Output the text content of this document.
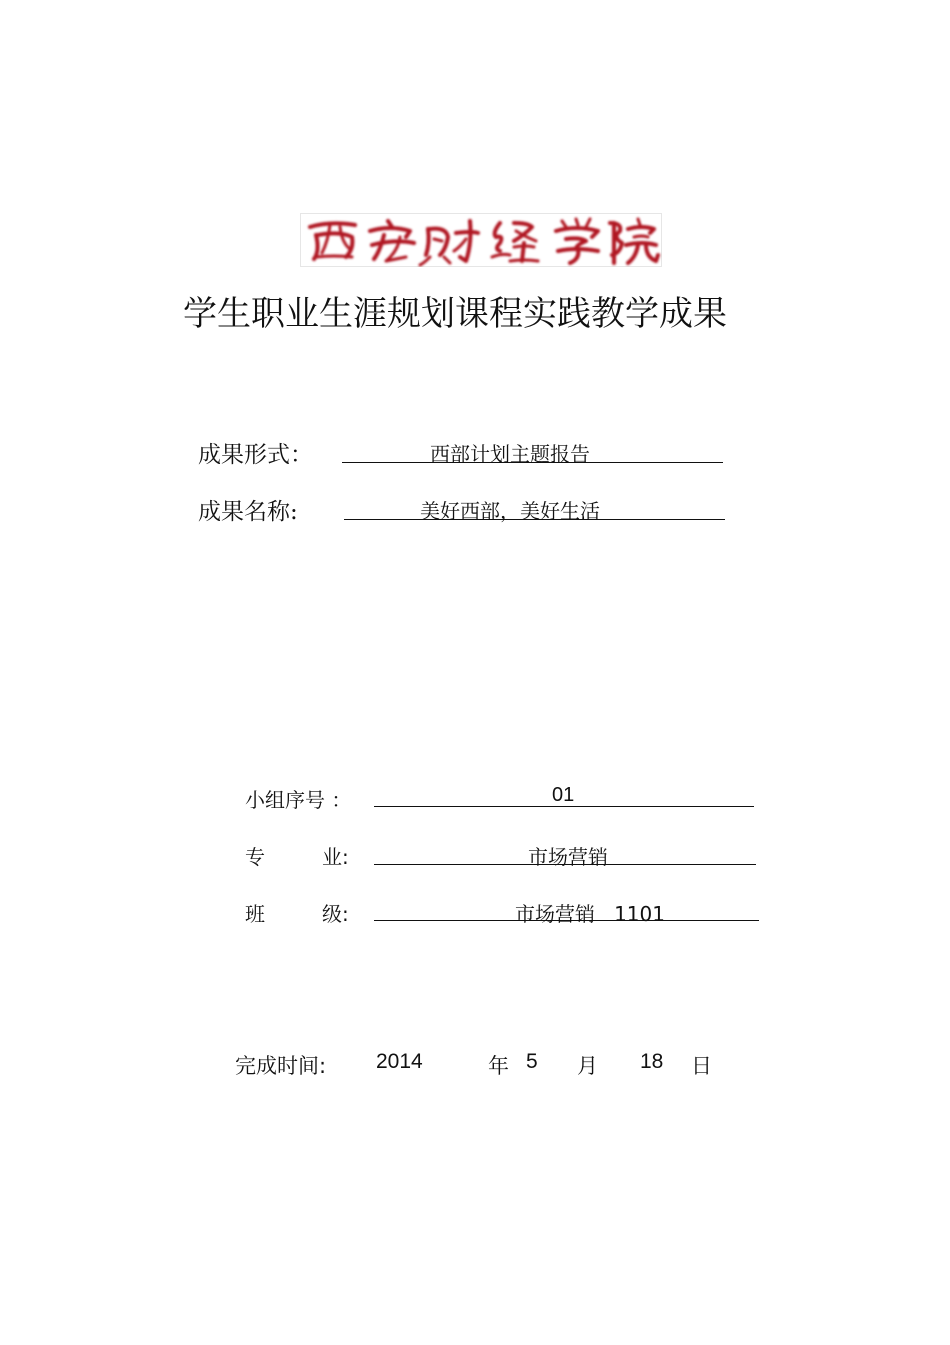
学生职业生涯规划课程实践教学成果
成果形式：	西部计划主题报告
成果名称:	美好西部，美好生活
小组序号 ：	01
专	业:	市场营销
班	级:	市场营销   1101
完成时间: 2014	年 5 月 18 日
